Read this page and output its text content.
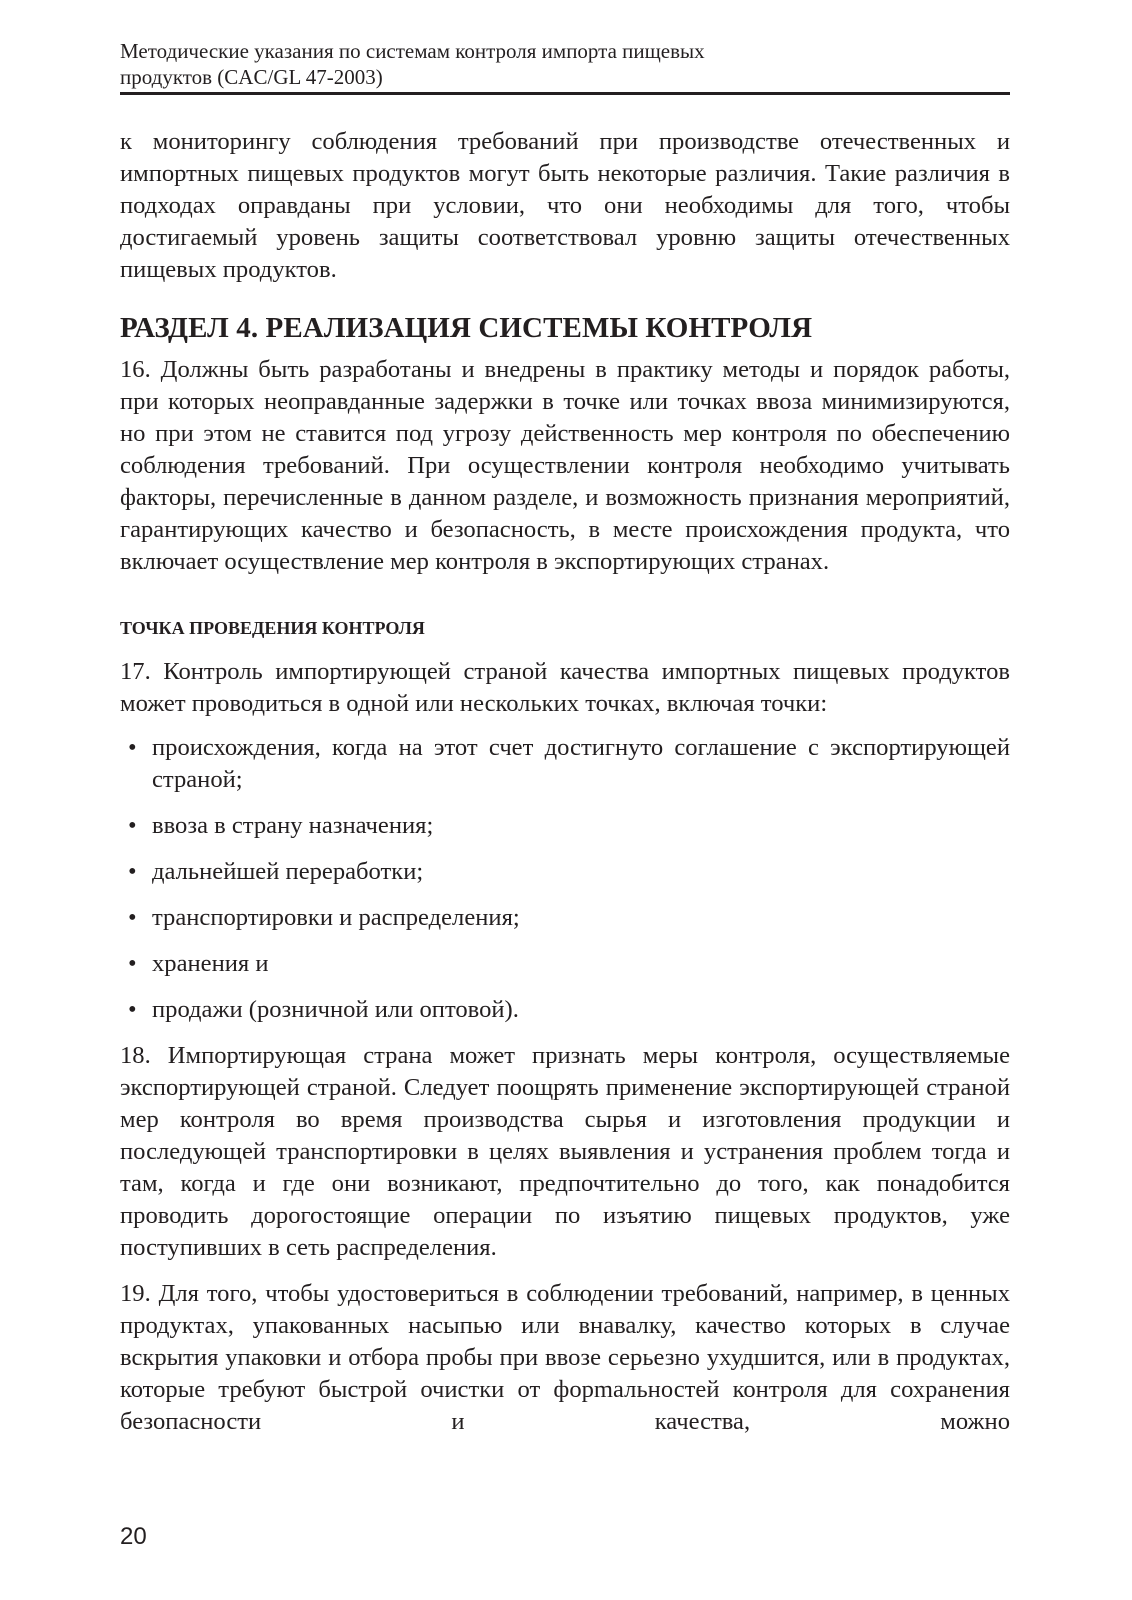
Методические указания по системам контроля импорта пищевых
продуктов (CAC/GL 47-2003)

к мониторингу соблюдения требований при производстве отечественных и импортных пищевых продуктов могут быть некоторые различия. Такие различия в подходах оправданы при условии, что они необходимы для того, чтобы достигаемый уровень защиты соответствовал уровню защиты отечественных пищевых продуктов.

РАЗДЕЛ 4. РЕАЛИЗАЦИЯ СИСТЕМЫ КОНТРОЛЯ

16. Должны быть разработаны и внедрены в практику методы и порядок работы, при которых неоправданные задержки в точке или точках ввоза минимизируются, но при этом не ставится под угрозу действенность мер контроля по обеспечению соблюдения требований. При осуществлении контроля необходимо учитывать факторы, перечисленные в данном разделе, и возможность признания мероприятий, гарантирующих качество и безопасность, в месте происхождения продукта, что включает осуществление мер контроля в экспортирующих странах.

ТОЧКА ПРОВЕДЕНИЯ КОНТРОЛЯ

17. Контроль импортирующей страной качества импортных пищевых продуктов может проводиться в одной или нескольких точках, включая точки:

• происхождения, когда на этот счет достигнуто соглашение с экспортирующей страной;
• ввоза в страну назначения;
• дальнейшей переработки;
• транспортировки и распределения;
• хранения и
• продажи (розничной или оптовой).

18. Импортирующая страна может признать меры контроля, осуществляемые экспортирующей страной. Следует поощрять применение экспортирующей страной мер контроля во время производства сырья и изготовления продукции и последующей транспортировки в целях выявления и устранения проблем тогда и там, когда и где они возникают, предпочтительно до того, как понадобится проводить дорогостоящие операции по изъятию пищевых продуктов, уже поступивших в сеть распределения.

19. Для того, чтобы удостовериться в соблюдении требований, например, в ценных продуктах, упакованных насыпью или внавалку, качество которых в случае вскрытия упаковки и отбора пробы при ввозе серьезно ухудшится, или в продуктах, которые требуют быстрой очистки от форmальностей контроля для сохранения безопасности и качества, можно

20
